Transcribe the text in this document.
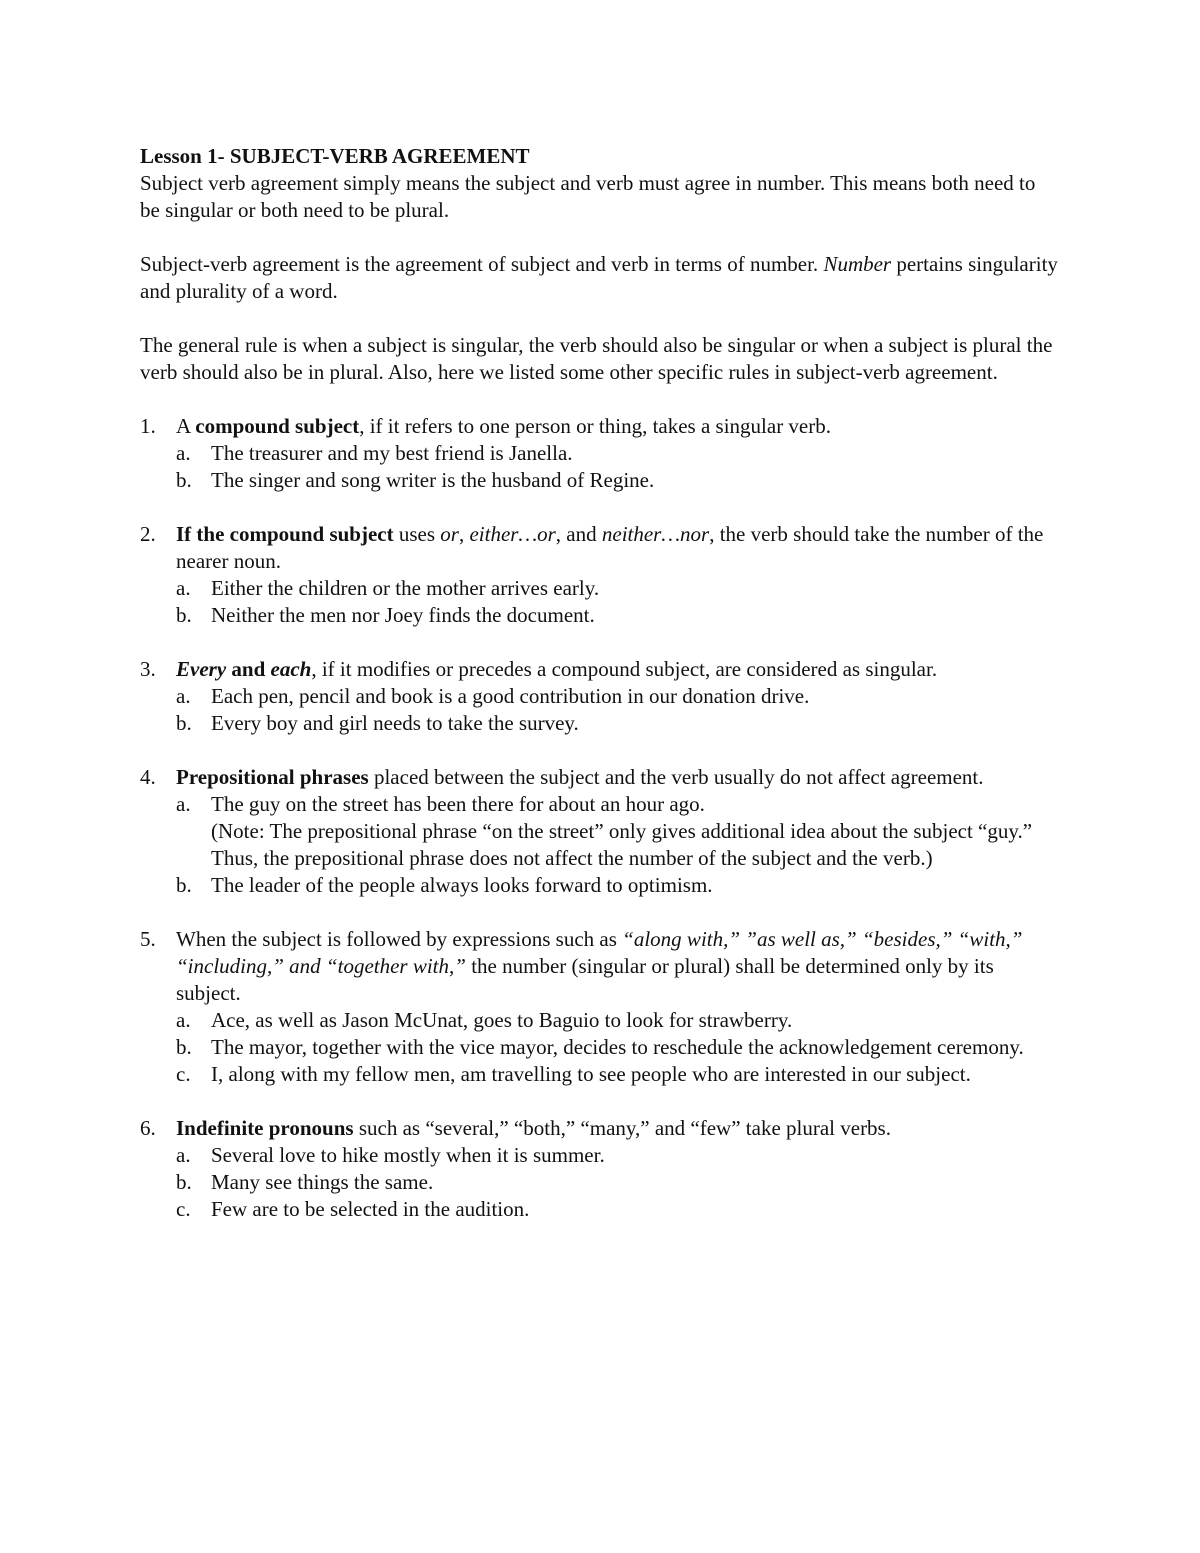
Lesson 1- SUBJECT-VERB AGREEMENT

Subject verb agreement simply means the subject and verb must agree in number. This means both need to be singular or both need to be plural.

Subject-verb agreement is the agreement of subject and verb in terms of number. Number pertains singularity and plurality of a word.

The general rule is when a subject is singular, the verb should also be singular or when a subject is plural the verb should also be in plural. Also, here we listed some other specific rules in subject-verb agreement.

1. A compound subject, if it refers to one person or thing, takes a singular verb.
a. The treasurer and my best friend is Janella.
b. The singer and song writer is the husband of Regine.
2. If the compound subject uses or, either…or, and neither…nor, the verb should take the number of the nearer noun.
a. Either the children or the mother arrives early.
b. Neither the men nor Joey finds the document.
3. Every and each, if it modifies or precedes a compound subject, are considered as singular.
a. Each pen, pencil and book is a good contribution in our donation drive.
b. Every boy and girl needs to take the survey.
4. Prepositional phrases placed between the subject and the verb usually do not affect agreement.
a. The guy on the street has been there for about an hour ago.
(Note: The prepositional phrase “on the street” only gives additional idea about the subject “guy.” Thus, the prepositional phrase does not affect the number of the subject and the verb.)
b. The leader of the people always looks forward to optimism.
5. When the subject is followed by expressions such as “along with,” ”as well as,” “besides,” “with,” “including,” and “together with,” the number (singular or plural) shall be determined only by its subject.
a. Ace, as well as Jason McUnat, goes to Baguio to look for strawberry.
b. The mayor, together with the vice mayor, decides to reschedule the acknowledgement ceremony.
c. I, along with my fellow men, am travelling to see people who are interested in our subject.
6. Indefinite pronouns such as “several,” “both,” “many,” and “few” take plural verbs.
a. Several love to hike mostly when it is summer.
b. Many see things the same.
c. Few are to be selected in the audition.
